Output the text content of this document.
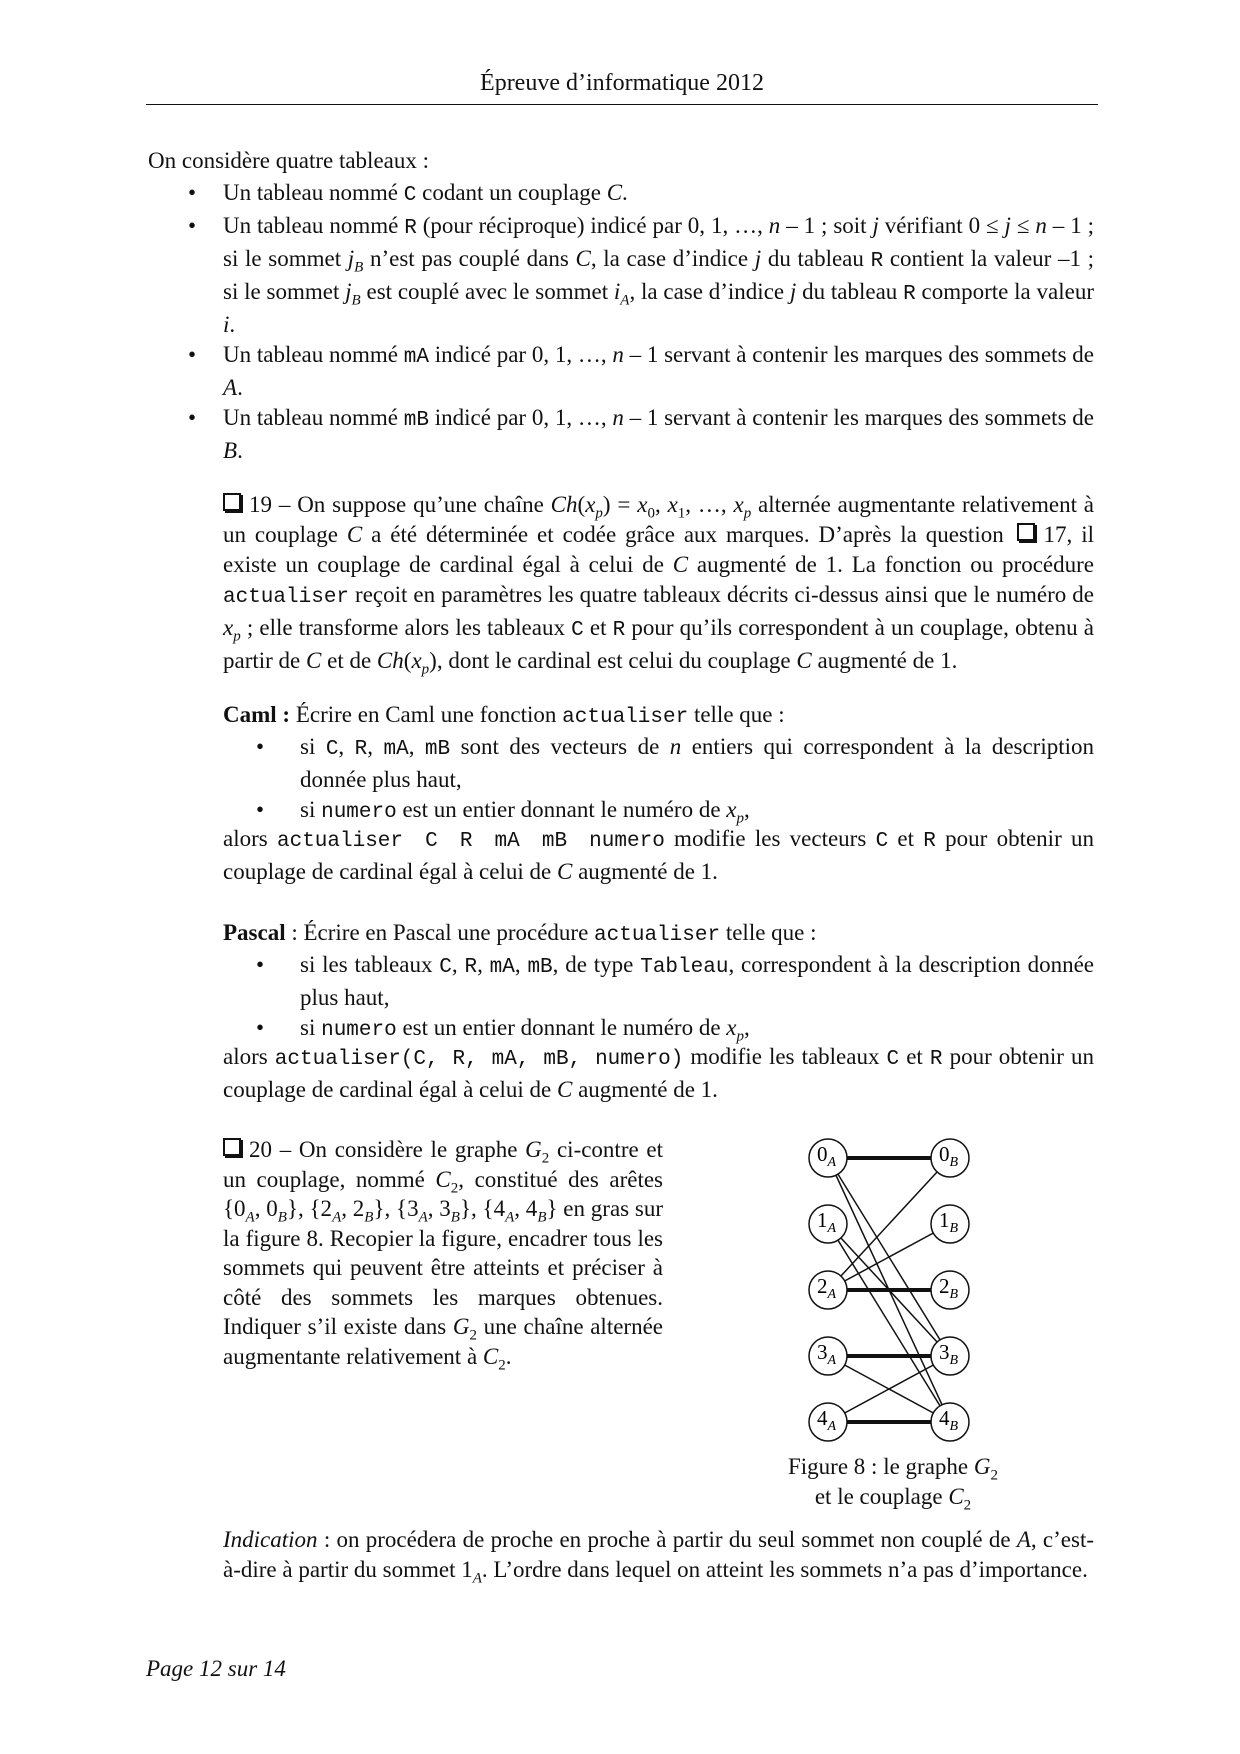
Épreuve d’informatique 2012
On considère quatre tableaux :
• Un tableau nommé C codant un couplage C.
• Un tableau nommé R (pour réciproque) indicé par 0, 1, …, n – 1 ; soit j vérifiant 0 ≤ j ≤ n – 1 ; si le sommet $j_B$ n’est pas couplé dans C, la case d’indice j du tableau R contient la valeur –1 ; si le sommet $j_B$ est couplé avec le sommet $i_A$, la case d’indice j du tableau R comporte la valeur i.
• Un tableau nommé mA indicé par 0, 1, …, n – 1 servant à contenir les marques des sommets de A.
• Un tableau nommé mB indicé par 0, 1, …, n – 1 servant à contenir les marques des sommets de B.
19 – On suppose qu’une chaîne $Ch(x_p) = x_0$, $x_1$, …, $x_p$ alternée augmentante relativement à un couplage C a été déterminée et codée grâce aux marques. D’après la question  17, il existe un couplage de cardinal égal à celui de C augmenté de 1. La fonction ou procédure actualiser reçoit en paramètres les quatre tableaux décrits ci-dessus ainsi que le numéro de $x_p$ ; elle transforme alors les tableaux C et R pour qu’ils correspondent à un couplage, obtenu à partir de C et de $Ch(x_p)$, dont le cardinal est celui du couplage C augmenté de 1.
Caml : Écrire en Caml une fonction actualiser telle que :
• si C, R, mA, mB sont des vecteurs de n entiers qui correspondent à la description donnée plus haut,
• si numero est un entier donnant le numéro de $x_p$,
alors actualiser C R mA mB numero modifie les vecteurs C et R pour obtenir un couplage de cardinal égal à celui de C augmenté de 1.
Pascal : Écrire en Pascal une procédure actualiser telle que :
• si les tableaux C, R, mA, mB, de type Tableau, correspondent à la description donnée plus haut,
• si numero est un entier donnant le numéro de $x_p$,
alors actualiser(C, R, mA, mB, numero) modifie les tableaux C et R pour obtenir un couplage de cardinal égal à celui de C augmenté de 1.
20 – On considère le graphe $G_2$ ci-contre et un couplage, nommé $C_2$, constitué des arêtes {$0_A$, $0_B$}, {$2_A$, $2_B$}, {$3_A$, $3_B$}, {$4_A$, $4_B$} en gras sur la figure 8. Recopier la figure, encadrer tous les sommets qui peuvent être atteints et préciser à côté des sommets les marques obtenues. Indiquer s’il existe dans $G_2$ une chaîne alternée augmentante relativement à $C_2$.
$0_A$
$1_A$
$2_A$
$3_A$
$4_A$
$0_B$
$1_B$
$2_B$
$3_B$
$4_B$
Figure 8 : le graphe $G_2$
et le couplage $C_2$
Indication : on procédera de proche en proche à partir du seul sommet non couplé de A, c’est-à-dire à partir du sommet $1_A$. L’ordre dans lequel on atteint les sommets n’a pas d’importance.
Page 12 sur 14
